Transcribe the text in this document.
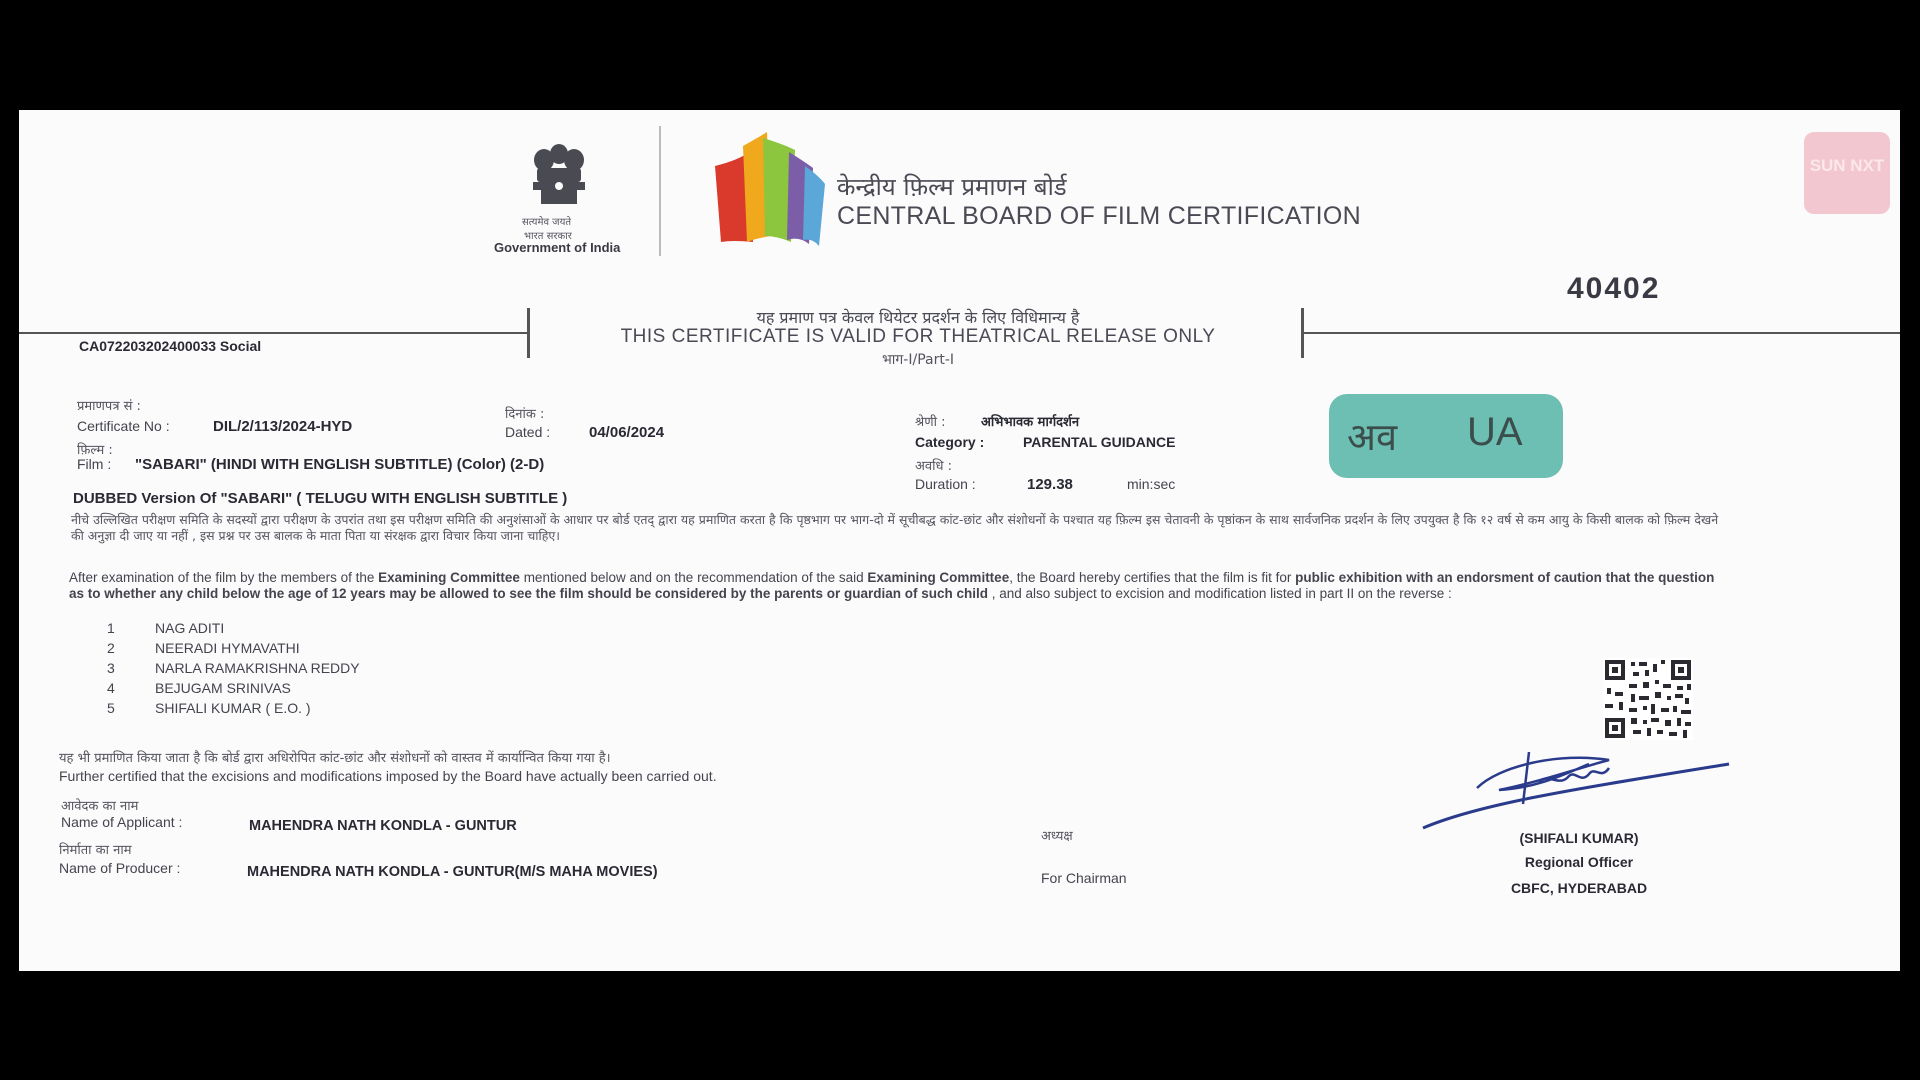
सत्यमेव जयते
भारत सरकार
Government of India
केन्द्रीय फ़िल्म प्रमाणन बोर्ड
CENTRAL BOARD OF FILM CERTIFICATION
40402
SUN NXT
यह प्रमाण पत्र केवल थियेटर प्रदर्शन के लिए विधिमान्य है
THIS CERTIFICATE IS VALID FOR THEATRICAL RELEASE ONLY
भाग-I/Part-I
CA072203202400033 Social
प्रमाणपत्र सं :
Certificate No :	DIL/2/113/2024-HYD
दिनांक :
Dated :	04/06/2024
श्रेणी :	अभिभावक मार्गदर्शन
Category :	PARENTAL GUIDANCE
अवधि :
Duration :	129.38	min:sec
अव UA
फ़िल्म :
Film : "SABARI" (HINDI WITH ENGLISH SUBTITLE) (Color) (2-D)
DUBBED Version Of "SABARI" ( TELUGU WITH ENGLISH SUBTITLE )
नीचे उल्लिखित परीक्षण समिति के सदस्यों द्वारा परीक्षण के उपरांत तथा इस परीक्षण समिति की अनुशंसाओं के आधार पर बोर्ड एतद् द्वारा यह प्रमाणित करता है कि पृष्ठभाग पर भाग-दो में सूचीबद्ध कांट-छांट और संशोधनों के पश्चात यह फ़िल्म इस चेतावनी के पृष्ठांकन के साथ सार्वजनिक प्रदर्शन के लिए उपयुक्त है कि १२ वर्ष से कम आयु के किसी बालक को फ़िल्म देखने की अनुज्ञा दी जाए या नहीं , इस प्रश्न पर उस बालक के माता पिता या संरक्षक द्वारा विचार किया जाना चाहिए।
After examination of the film by the members of the Examining Committee mentioned below and on the recommendation of the said Examining Committee, the Board hereby certifies that the film is fit for public exhibition with an endorsment of caution that the question as to whether any child below the age of 12 years may be allowed to see the film should be considered by the parents or guardian of such child , and also subject to excision and modification listed in part II on the reverse :
1	NAG ADITI
2	NEERADI HYMAVATHI
3	NARLA RAMAKRISHNA REDDY
4	BEJUGAM SRINIVAS
5	SHIFALI KUMAR ( E.O. )
यह भी प्रमाणित किया जाता है कि बोर्ड द्वारा अधिरोपित कांट-छांट और संशोधनों को वास्तव में कार्यान्वित किया गया है।
Further certified that the excisions and modifications imposed by the Board have actually been carried out.
आवेदक का नाम
Name of Applicant :	MAHENDRA NATH KONDLA - GUNTUR
निर्माता का नाम
Name of Producer :	MAHENDRA NATH KONDLA - GUNTUR(M/S MAHA MOVIES)
अध्यक्ष
For Chairman
(SHIFALI KUMAR)
Regional Officer
CBFC, HYDERABAD
